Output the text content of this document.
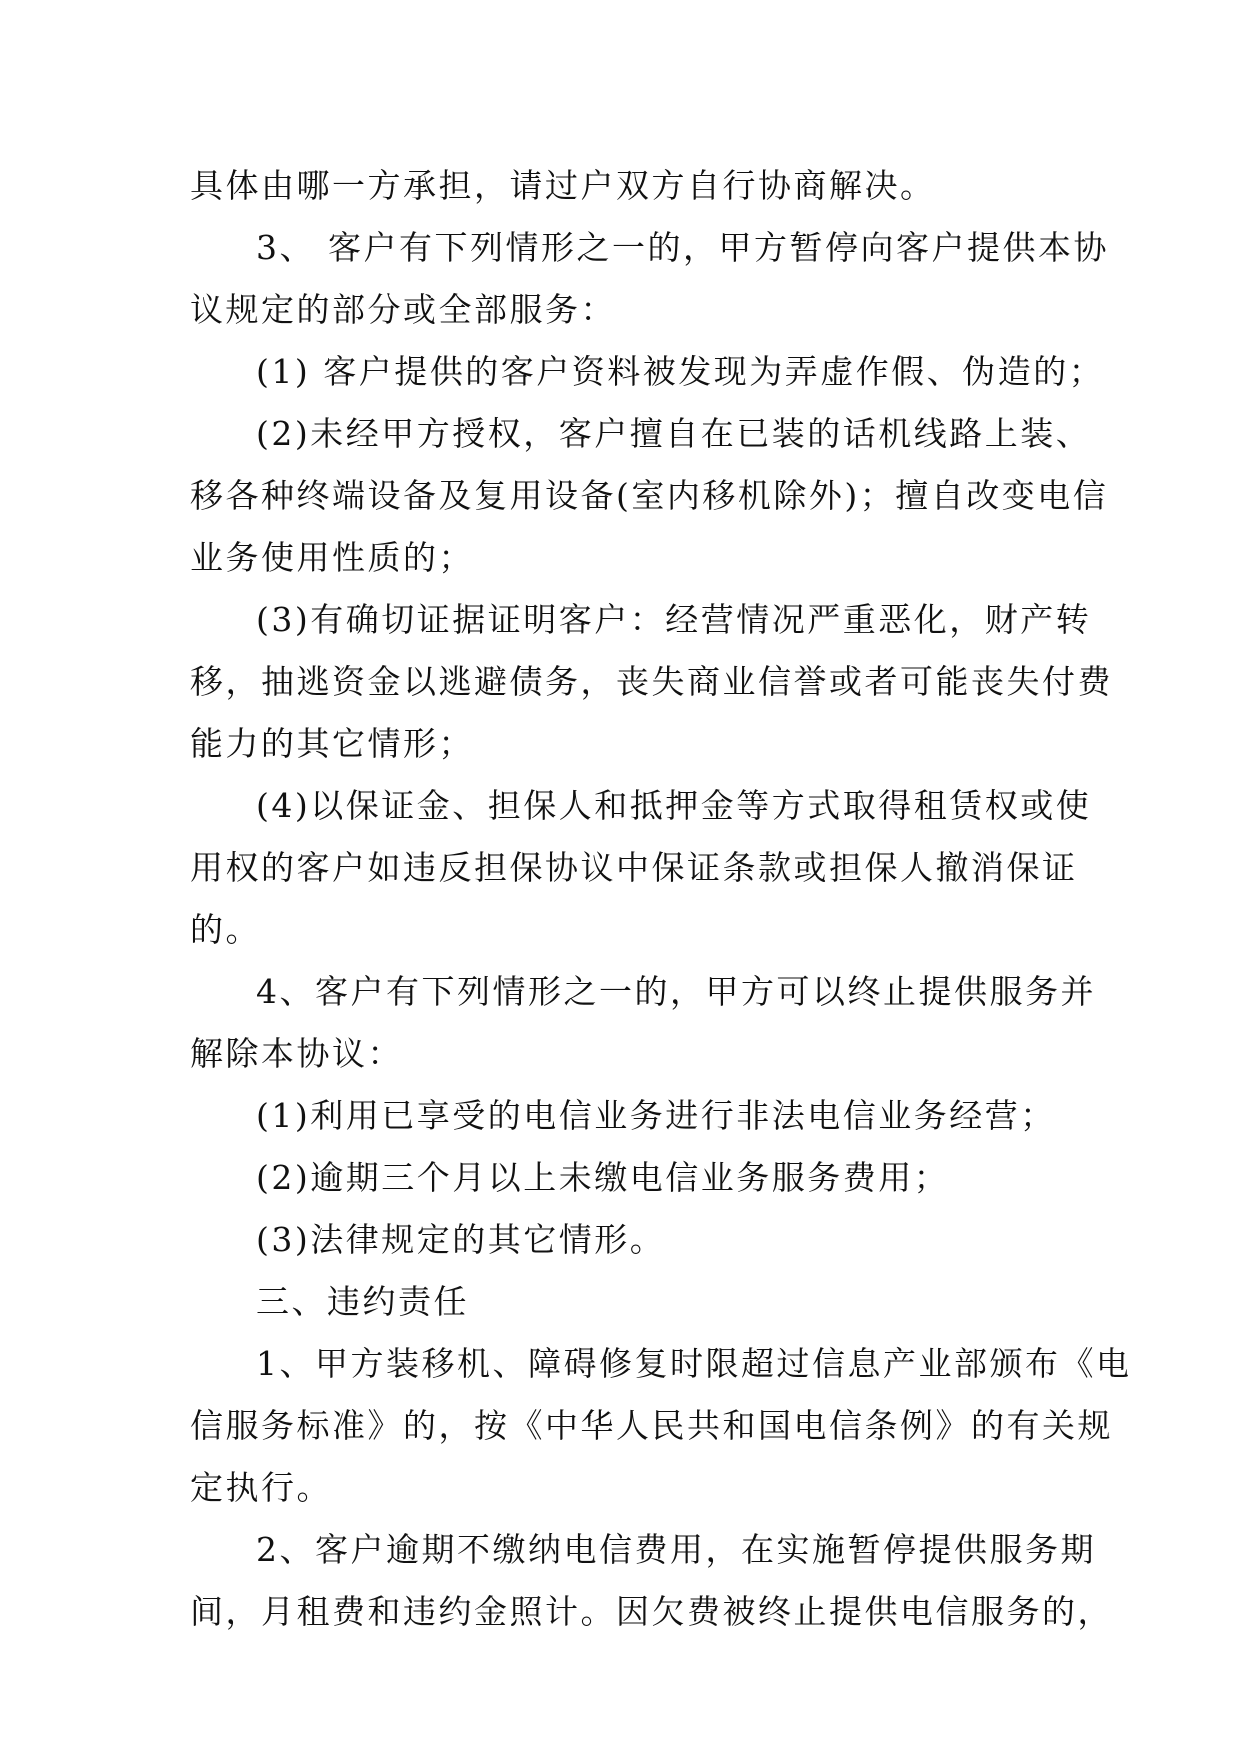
具体由哪一方承担，请过户双方自行协商解决。
3、 客户有下列情形之一的，甲方暂停向客户提供本协
议规定的部分或全部服务：
(1) 客户提供的客户资料被发现为弄虚作假、伪造的；
(2)未经甲方授权，客户擅自在已装的话机线路上装、
移各种终端设备及复用设备(室内移机除外)；擅自改变电信
业务使用性质的；
(3)有确切证据证明客户：经营情况严重恶化，财产转
移，抽逃资金以逃避债务，丧失商业信誉或者可能丧失付费
能力的其它情形；
(4)以保证金、担保人和抵押金等方式取得租赁权或使
用权的客户如违反担保协议中保证条款或担保人撤消保证
的。
4、客户有下列情形之一的，甲方可以终止提供服务并
解除本协议：
(1)利用已享受的电信业务进行非法电信业务经营；
(2)逾期三个月以上未缴电信业务服务费用；
(3)法律规定的其它情形。
三、违约责任
1、甲方装移机、障碍修复时限超过信息产业部颁布《电
信服务标准》的，按《中华人民共和国电信条例》的有关规
定执行。
2、客户逾期不缴纳电信费用，在实施暂停提供服务期
间，月租费和违约金照计。因欠费被终止提供电信服务的，
